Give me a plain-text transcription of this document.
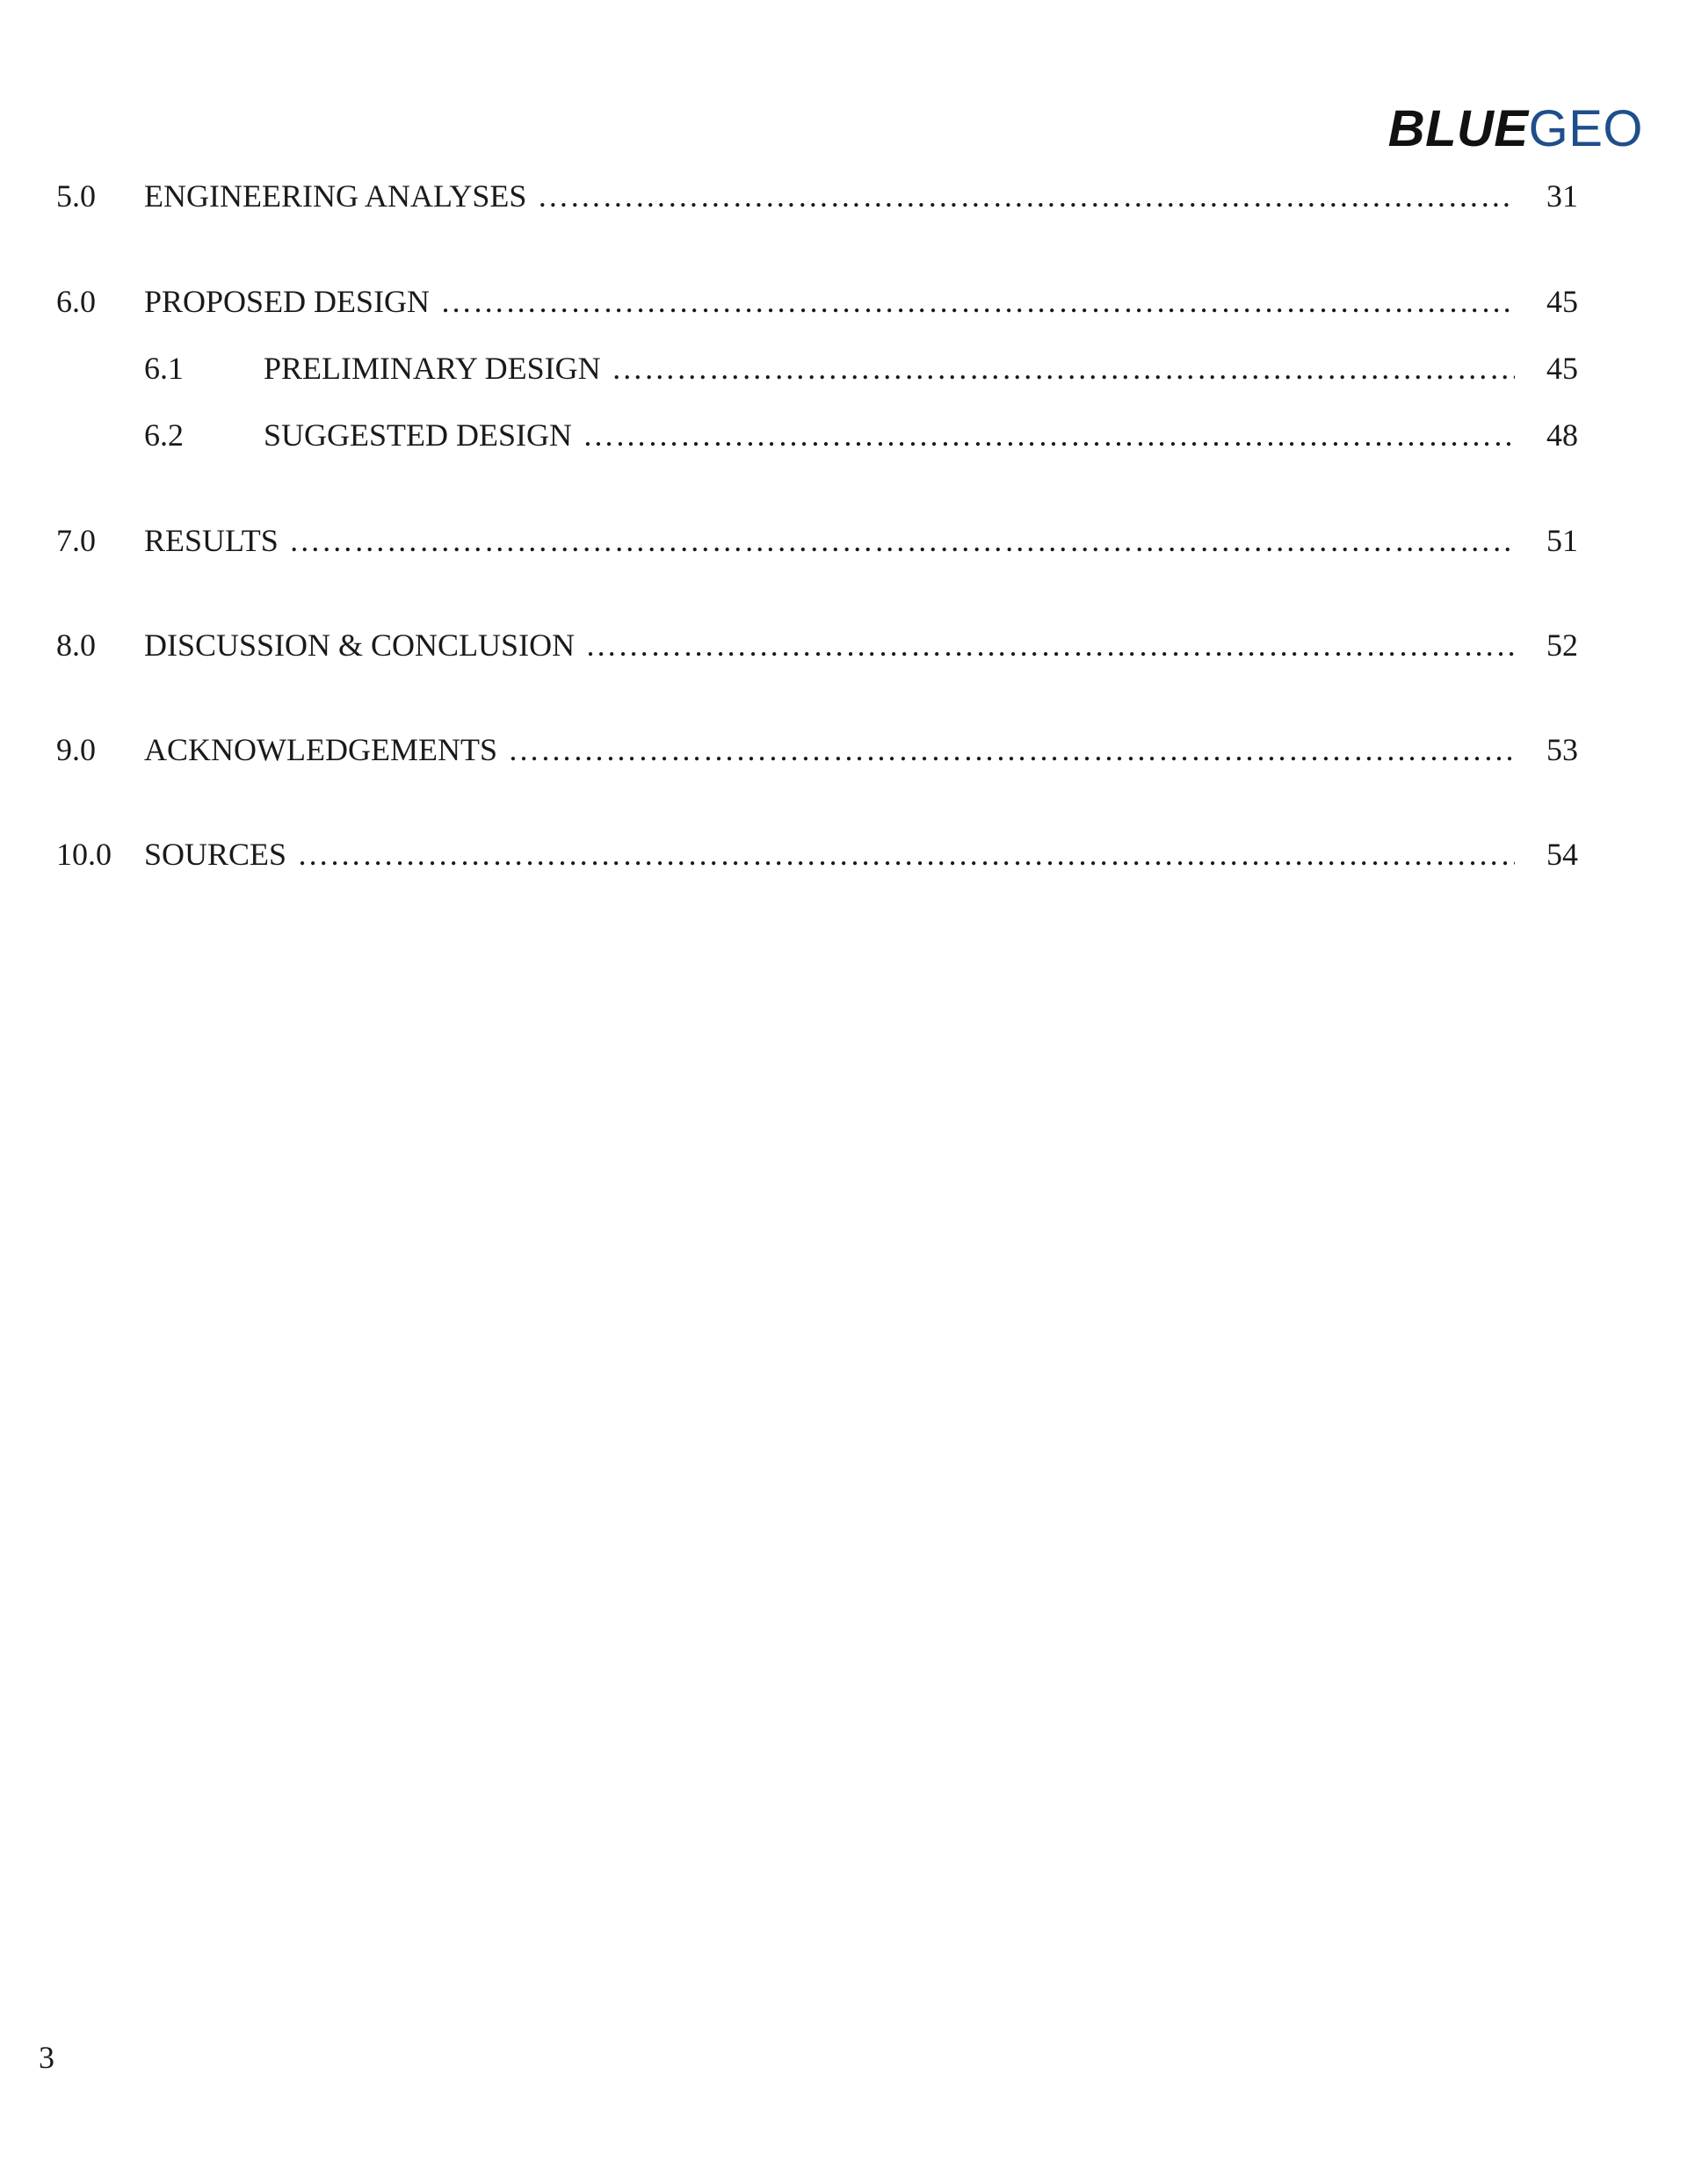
BLUEGEO
5.0 ENGINEERING ANALYSES ………………………………………………………………………………………………………………………………………………………………………………………………………………………………………………………	31
6.0 PROPOSED DESIGN ………………………………………………………………………………………………………………………………………………………………………………………………………………………………………………………	45
6.1	PRELIMINARY DESIGN ………………………………………………………………………………………………………………………………………………………………………………………………………………………………………………………	45
6.2	SUGGESTED DESIGN ………………………………………………………………………………………………………………………………………………………………………………………………………………………………………………………	48
7.0 RESULTS ………………………………………………………………………………………………………………………………………………………………………………………………………………………………………………………	51
8.0 DISCUSSION & CONCLUSION ………………………………………………………………………………………………………………………………………………………………………………………………………………………………………………………	52
9.0 ACKNOWLEDGEMENTS ………………………………………………………………………………………………………………………………………………………………………………………………………………………………………………………	53
10.0 SOURCES ………………………………………………………………………………………………………………………………………………………………………………………………………………………………………………………	54
3
